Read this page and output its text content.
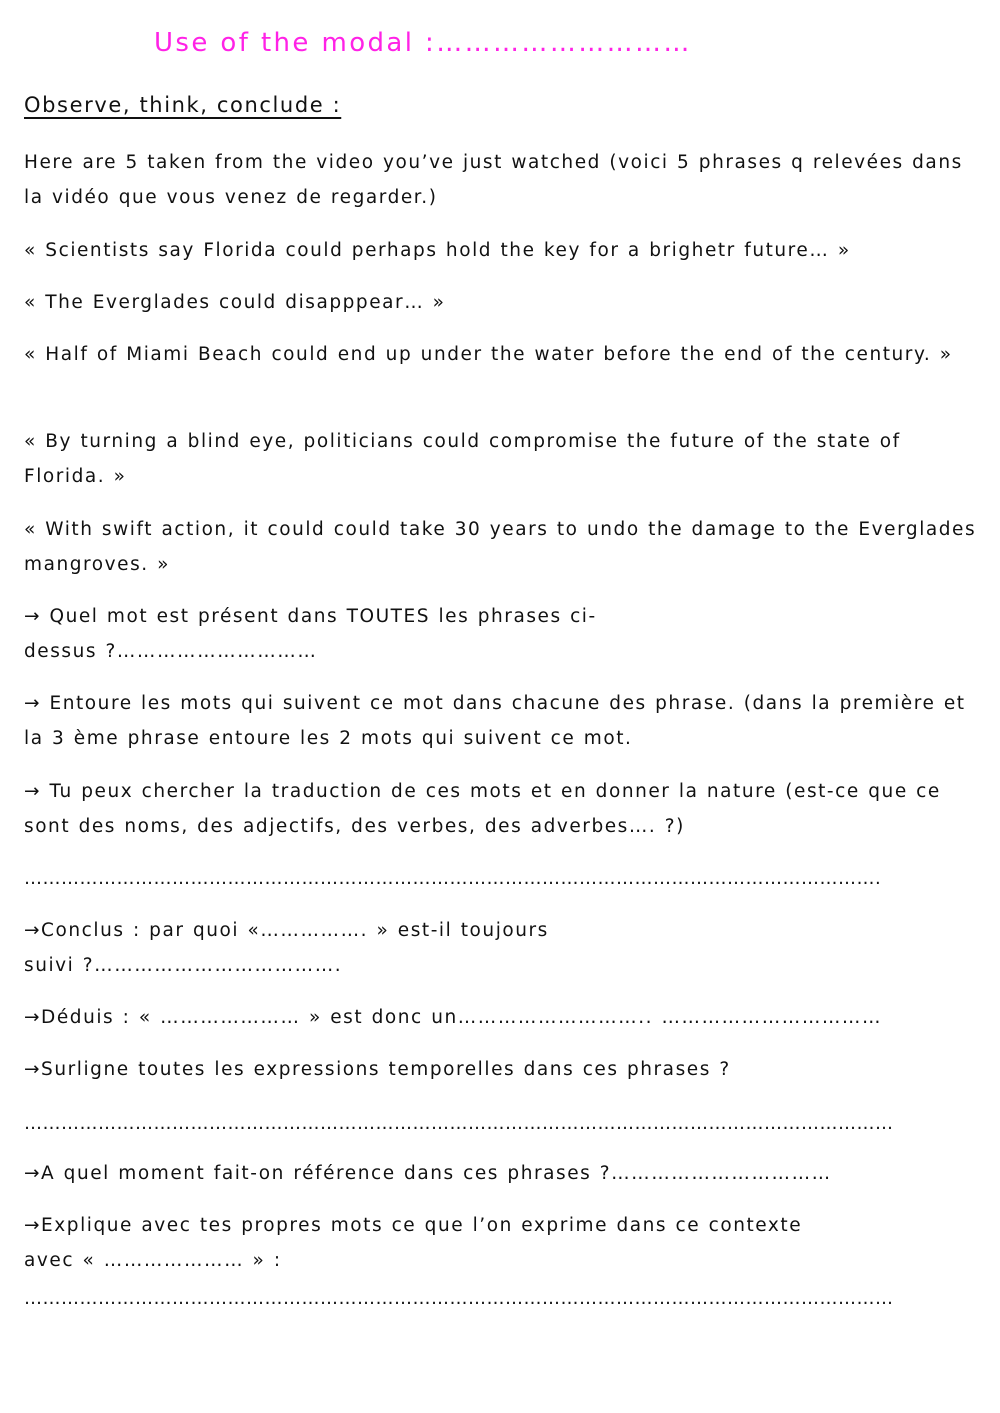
Use of the modal :………………………
Observe, think, conclude :

Here are 5 taken from the video you’ve just watched (voici 5 phrases q relevées dans la vidéo que vous venez de regarder.)

« Scientists say Florida could perhaps hold the key for a brighetr future… »

« The Everglades could disapppear… »

« Half of Miami Beach could end up under the water before the end of the century. »

« By turning a blind eye, politicians could compromise the future of the state of Florida. »

« With swift action, it could could take 30 years to undo the damage to the Everglades mangroves. »

→ Quel mot est présent dans TOUTES les phrases ci-

dessus ?…………………………

→ Entoure les mots qui suivent ce mot dans chacune des phrase. (dans la première et la 3 ème phrase entoure les 2 mots qui suivent ce mot.

→ Tu peux chercher la traduction de ces mots et en donner la nature (est-ce que ce sont des noms, des adjectifs, des verbes, des adverbes…. ?)

………………………………………………………………………………………………………………………….

→Conclus : par quoi «……………. » est-il toujours

suivi ?……………………………….

→Déduis : « ………………… » est donc un……………………….. ……………………………

→Surligne toutes les expressions temporelles dans ces phrases ?

……………………………………………………………………………………………………………………………

→A quel moment fait-on référence dans ces phrases ?……………………………

→Explique avec tes propres mots ce que l’on exprime dans ce contexte

avec « ………………… » :

……………………………………………………………………………………………………………………………
